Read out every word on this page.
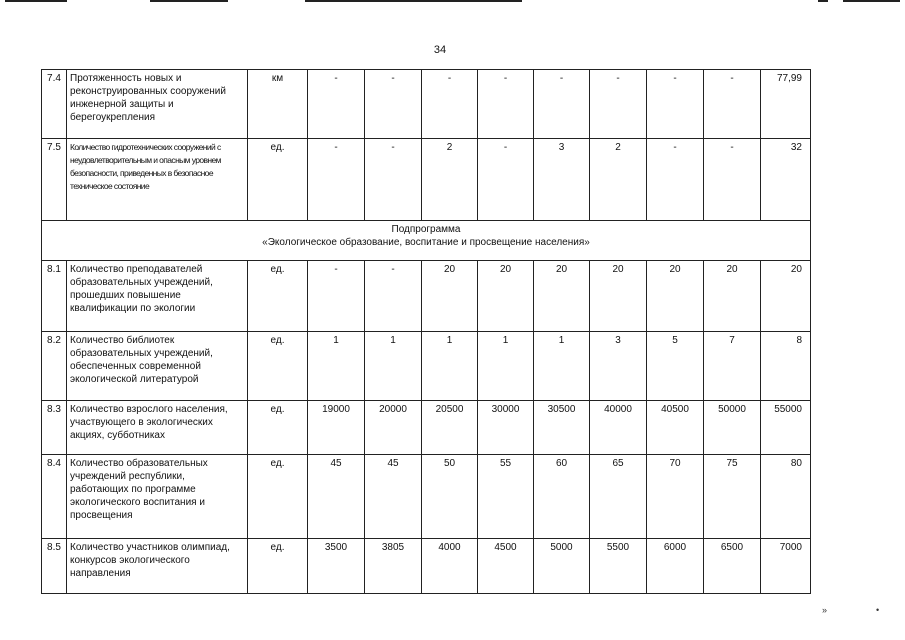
34
7.4	Протяженность новых и реконструированных сооружений инженерной защиты и берегоукрепления	км	-	-	-	-	-	-	-	-	77,99
7.5	Количество гидротехнических сооружений с неудовлетворительным и опасным уровнем безопасности, приведенных в безопасное техническое состояние	ед.	-	-	2	-	3	2	-	-	32

Подпрограмма
«Экологическое образование, воспитание и просвещение населения»											

8.1	Количество преподавателей образовательных учреждений, прошедших повышение квалификации по экологии	ед.	-	-	20	20	20	20	20	20	20
8.2	Количество библиотек образовательных учреждений, обеспеченных современной экологической литературой	ед.	1	1	1	1	1	3	5	7	8
8.3	Количество взрослого населения, участвующего в экологических акциях, субботниках	ед.	19000	20000	20500	30000	30500	40000	40500	50000	55000
8.4	Количество образовательных учреждений республики, работающих по программе экологического воспитания и просвещения	ед.	45	45	50	55	60	65	70	75	80
8.5	Количество участников олимпиад, конкурсов экологического направления	ед.	3500	3805	4000	4500	5000	5500	6000	6500	7000
»	•
